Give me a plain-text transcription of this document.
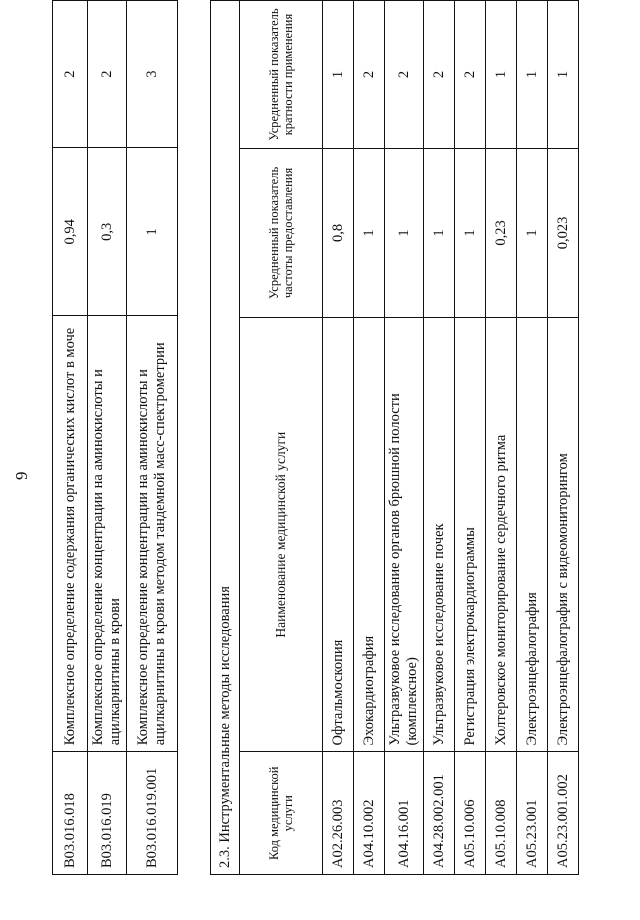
9
B03.016.018	Комплексное определение содержания органических кислот в моче	0,94	2
B03.016.019	Комплексное определение концентрации на аминокислоты и ацилкарнитины в крови	0,3	2
B03.016.019.001	Комплексное определение концентрации на аминокислоты и ацилкарнитины в крови методом тандемной масс-спектрометрии	1	3
2.3. Инструментальные методы исследования			
Код медицинской услуги	Наименование медицинской услуги	Усредненный показатель частоты предоставления	Усредненный показатель кратности применения
A02.26.003	Офтальмоскопия	0,8	1
A04.10.002	Эхокардиография	1	2
A04.16.001	Ультразвуковое исследование органов брюшной полости (комплексное)	1	2
A04.28.002.001	Ультразвуковое исследование почек	1	2
A05.10.006	Регистрация электрокардиограммы	1	2
A05.10.008	Холтеровское мониторирование сердечного ритма	0,23	1
A05.23.001	Электроэнцефалография	1	1
A05.23.001.002	Электроэнцефалография с видеомониторингом	0,023	1
